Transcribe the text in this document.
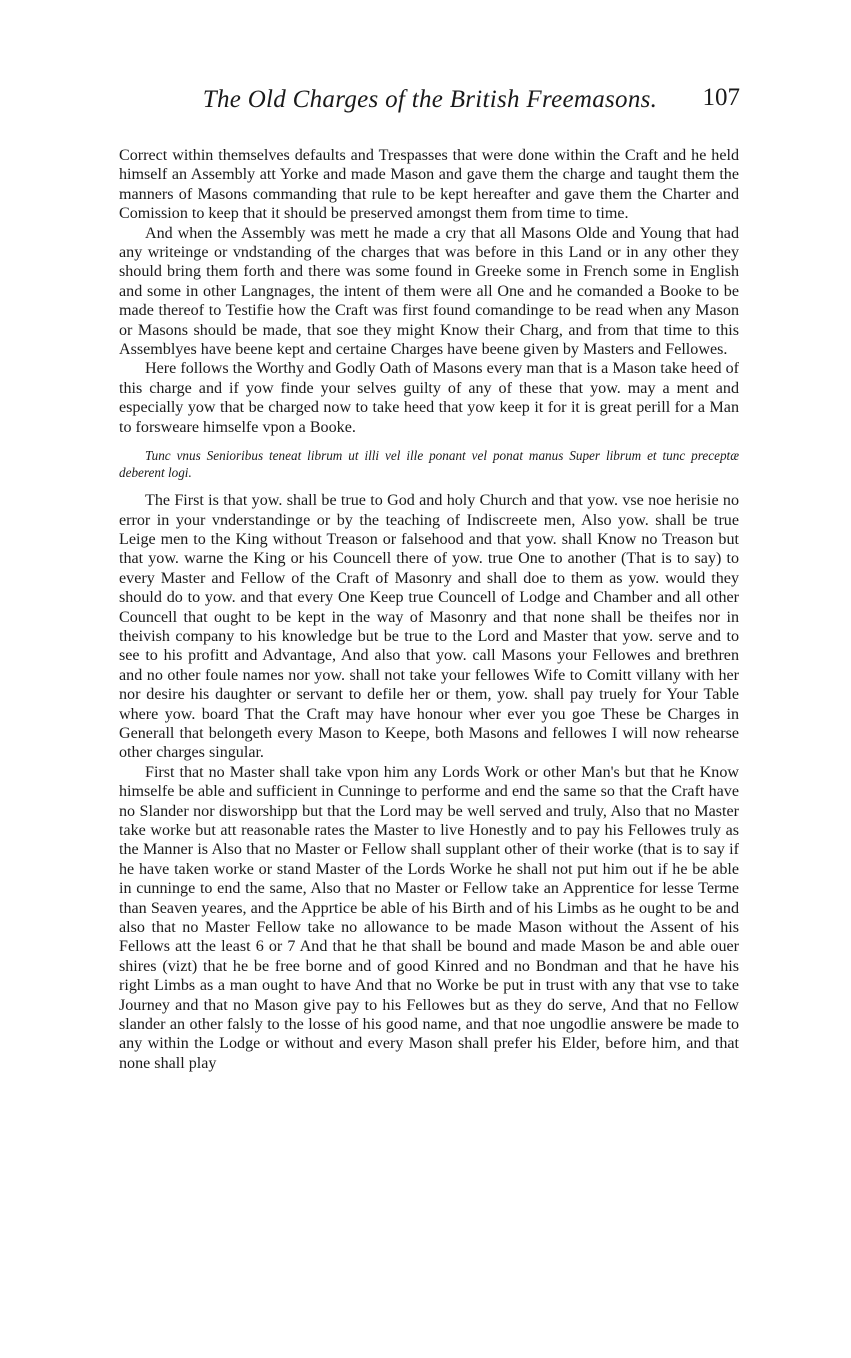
The Old Charges of the British Freemasons.	107

Correct within themselves defaults and Trespasses that were done within the Craft and he held himself an Assembly att Yorke and made Mason and gave them the charge and taught them the manners of Masons commanding that rule to be kept hereafter and gave them the Charter and Comission to keep that it should be preserved amongst them from time to time.

And when the Assembly was mett he made a cry that all Masons Olde and Young that had any writeinge or vndstanding of the charges that was before in this Land or in any other they should bring them forth and there was some found in Greeke some in French some in English and some in other Langnages, the intent of them were all One and he comanded a Booke to be made thereof to Testifie how the Craft was first found comandinge to be read when any Mason or Masons should be made, that soe they might Know their Charg, and from that time to this Assemblyes have beene kept and certaine Charges have beene given by Masters and Fellowes.

Here follows the Worthy and Godly Oath of Masons every man that is a Mason take heed of this charge and if yow finde your selves guilty of any of these that yow. may a ment and especially yow that be charged now to take heed that yow keep it for it is great perill for a Man to forsweare himselfe vpon a Booke.

Tunc vnus Senioribus teneat librum ut illi vel ille ponant vel ponat manus Super librum et tunc preceptæ deberent logi.

The First is that yow. shall be true to God and holy Church and that yow. vse noe herisie no error in your vnderstandinge or by the teaching of Indiscreete men, Also yow. shall be true Leige men to the King without Treason or falsehood and that yow. shall Know no Treason but that yow. warne the King or his Councell there of yow. true One to another (That is to say) to every Master and Fellow of the Craft of Masonry and shall doe to them as yow. would they should do to yow. and that every One Keep true Councell of Lodge and Chamber and all other Councell that ought to be kept in the way of Masonry and that none shall be theifes nor in theivish company to his knowledge but be true to the Lord and Master that yow. serve and to see to his profitt and Advantage, And also that yow. call Masons your Fellowes and brethren and no other foule names nor yow. shall not take your fellowes Wife to Comitt villany with her nor desire his daughter or servant to defile her or them, yow. shall pay truely for Your Table where yow. board That the Craft may have honour wher ever you goe These be Charges in Generall that belongeth every Mason to Keepe, both Masons and fellowes I will now rehearse other charges singular.

First that no Master shall take vpon him any Lords Work or other Man's but that he Know himselfe be able and sufficient in Cunninge to performe and end the same so that the Craft have no Slander nor disworshipp but that the Lord may be well served and truly, Also that no Master take worke but att reasonable rates the Master to live Honestly and to pay his Fellowes truly as the Manner is Also that no Master or Fellow shall supplant other of their worke (that is to say if he have taken worke or stand Master of the Lords Worke he shall not put him out if he be able in cunninge to end the same, Also that no Master or Fellow take an Apprentice for lesse Terme than Seaven yeares, and the Apprtice be able of his Birth and of his Limbs as he ought to be and also that no Master Fellow take no allowance to be made Mason without the Assent of his Fellows att the least 6 or 7 And that he that shall be bound and made Mason be and able ouer shires (vizt) that he be free borne and of good Kinred and no Bondman and that he have his right Limbs as a man ought to have And that no Worke be put in trust with any that vse to take Journey and that no Mason give pay to his Fellowes but as they do serve, And that no Fellow slander an other falsly to the losse of his good name, and that noe ungodlie answere be made to any within the Lodge or without and every Mason shall prefer his Elder, before him, and that none shall play
